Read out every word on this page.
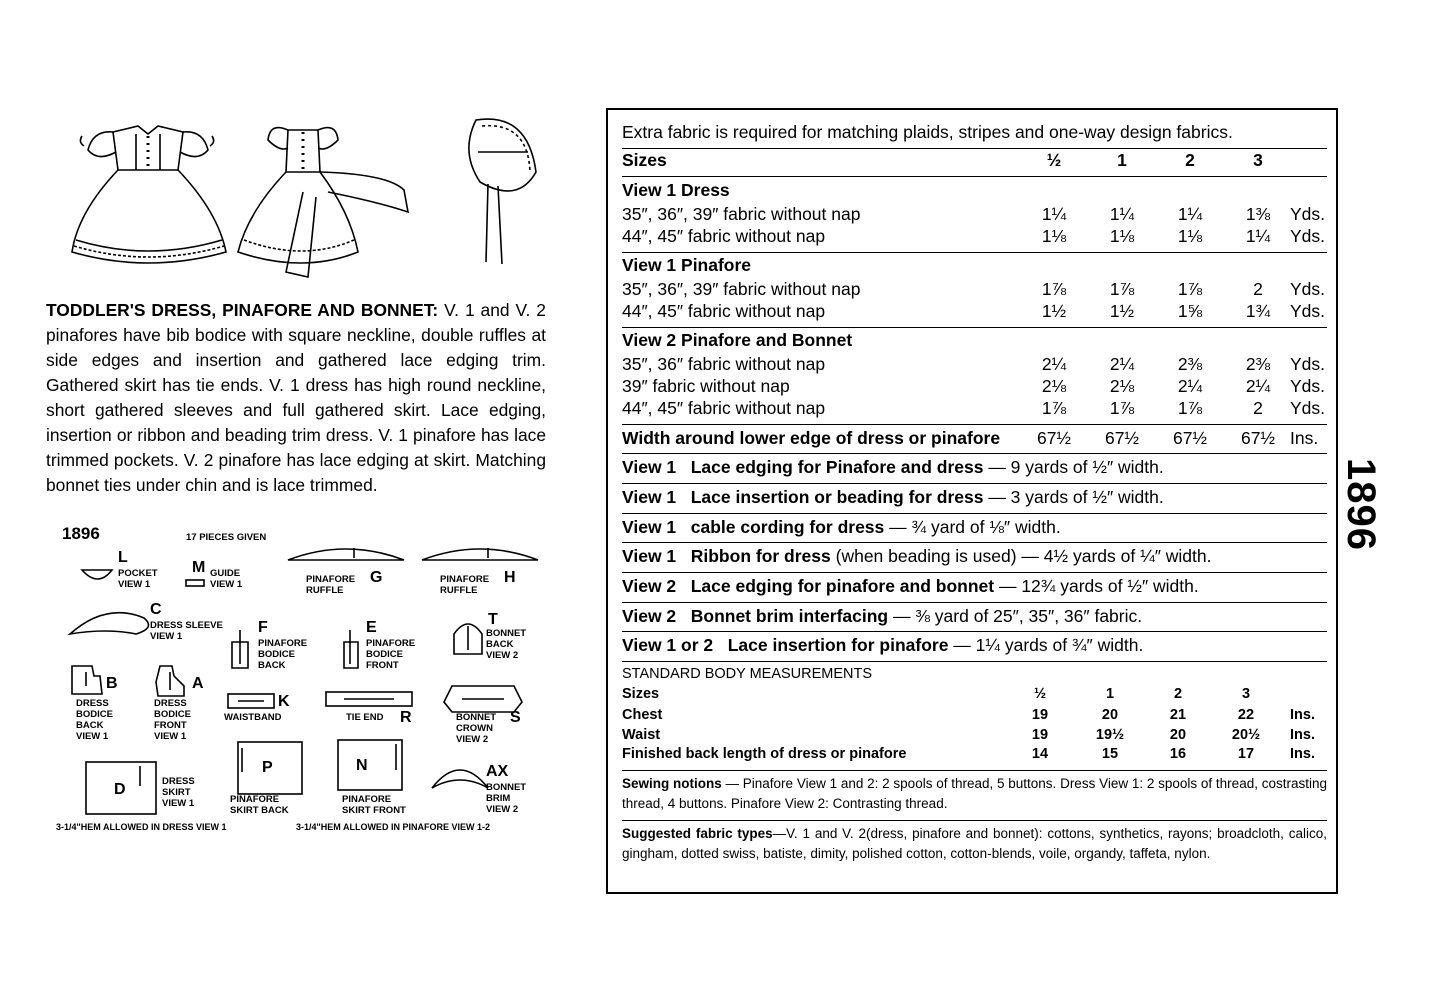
TODDLER'S DRESS, PINAFORE AND BONNET: V. 1 and V. 2 pinafores have bib bodice with square neckline, double ruffles at side edges and insertion and gathered lace edging trim. Gathered skirt has tie ends. V. 1 dress has high round neckline, short gathered sleeves and full gathered skirt. Lace edging, insertion or ribbon and beading trim dress. V. 1 pinafore has lace trimmed pockets. V. 2 pinafore has lace edging at skirt. Matching bonnet ties under chin and is lace trimmed.
1896	17 PIECES GIVEN
L
POCKET
VIEW 1
M GUIDE
VIEW 1	PINAFORE
RUFFLE
G	PINAFORE
RUFFLE
H
C
DRESS SLEEVE
VIEW 1
F
PINAFORE
BODICE
BACK
E
PINAFORE
BODICE
FRONT
T
BONNET
BACK
VIEW 2
B
DRESS
BODICE
BACK
VIEW 1
A
DRESS
BODICE
FRONT
VIEW 1
K
WAISTBAND	TIE END R	S
BONNET
CROWN
VIEW 2
D	DRESS
SKIRT
VIEW 1
P
PINAFORE
SKIRT BACK
N
PINAFORE
SKIRT FRONT
AX
BONNET
BRIM
VIEW 2
3-1/4"HEM ALLOWED IN DRESS VIEW 1	3-1/4"HEM ALLOWED IN PINAFORE VIEW 1-2
Extra fabric is required for matching plaids, stripes and one-way design fabrics.
Sizes	½	1	2	3
View 1 Dress
35″, 36″, 39″ fabric without nap	1¼	1¼	1¼	1⅜	Yds.
44″, 45″ fabric without nap	1⅛	1⅛	1⅛	1¼	Yds.
View 1 Pinafore
35″, 36″, 39″ fabric without nap	1⅞	1⅞	1⅞	2	Yds.
44″, 45″ fabric without nap	1½	1½	1⅝	1¾	Yds.
View 2 Pinafore and Bonnet
35″, 36″ fabric without nap	2¼	2¼	2⅜	2⅜	Yds.
39″ fabric without nap	2⅛	2⅛	2¼	2¼	Yds.
44″, 45″ fabric without nap	1⅞	1⅞	1⅞	2	Yds.
Width around lower edge of dress or pinafore	67½	67½	67½	67½ Ins.
View 1   Lace edging for Pinafore and dress — 9 yards of ½″ width.
View 1   Lace insertion or beading for dress — 3 yards of ½″ width.
View 1   cable cording for dress — ¾ yard of ⅛″ width.
View 1   Ribbon for dress (when beading is used) — 4½ yards of ¼″ width.
View 2   Lace edging for pinafore and bonnet — 12¾ yards of ½″ width.
View 2   Bonnet brim interfacing — ⅜ yard of 25″, 35″, 36″ fabric.
View 1 or 2   Lace insertion for pinafore — 1¼ yards of ¾″ width.
STANDARD BODY MEASUREMENTS
Sizes	½	1	2	3
Chest	19	20	21	22	Ins.
Waist	19	19½	20	20½	Ins.
Finished back length of dress or pinafore	14	15	16	17	Ins.
Sewing notions — Pinafore View 1 and 2: 2 spools of thread, 5 buttons. Dress View 1: 2 spools of thread, costrasting thread, 4 buttons. Pinafore View 2: Contrasting thread.
Suggested fabric types—V. 1 and V. 2(dress, pinafore and bonnet): cottons, synthetics, rayons; broadcloth, calico, gingham, dotted swiss, batiste, dimity, polished cotton, cotton-blends, voile, organdy, taffeta, nylon.
1896
